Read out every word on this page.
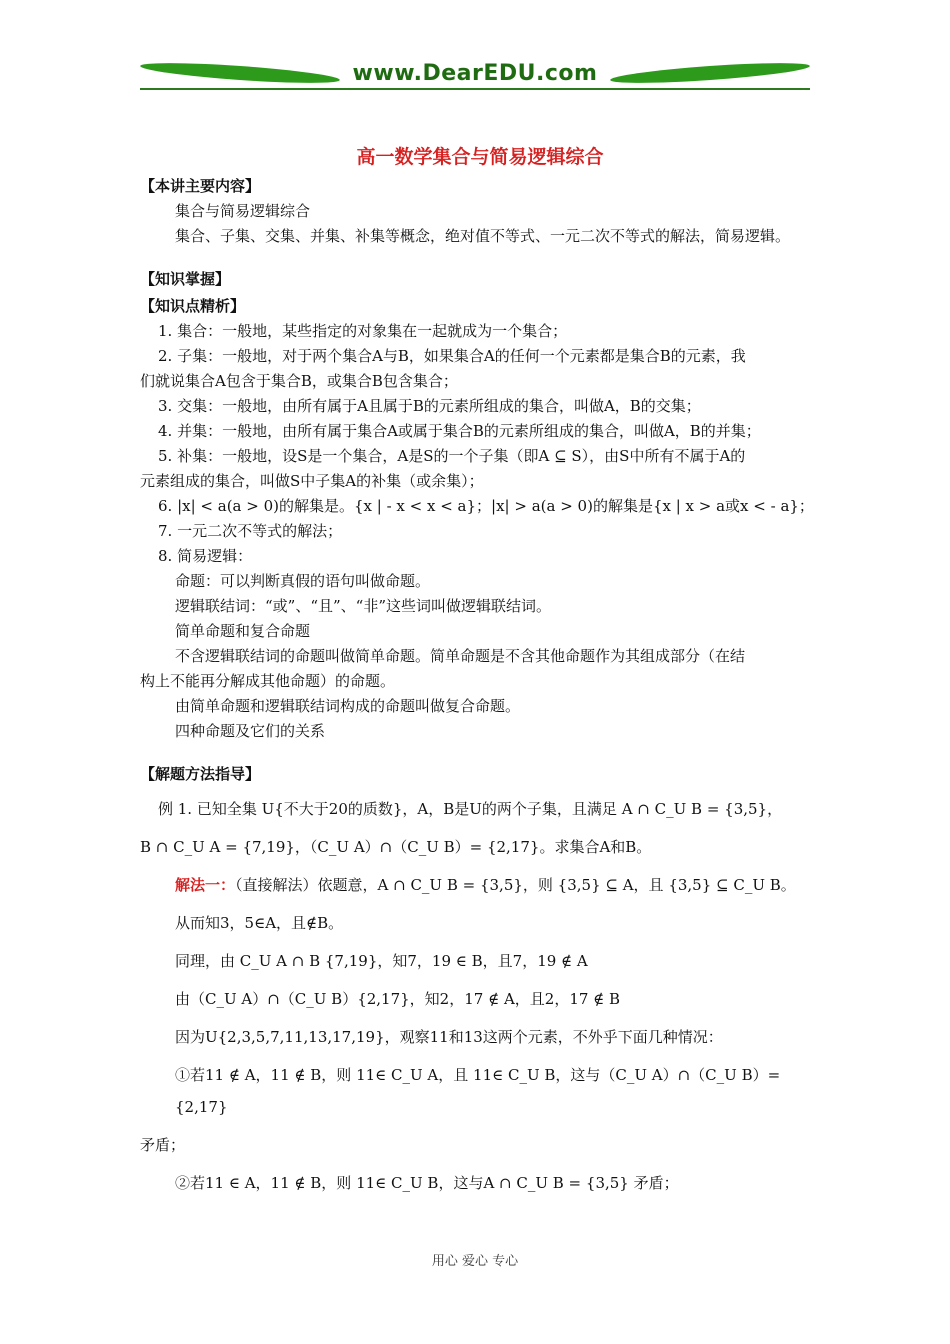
www.DearEDU.com
高一数学集合与简易逻辑综合
【本讲主要内容】

集合与简易逻辑综合

集合、子集、交集、并集、补集等概念，绝对值不等式、一元二次不等式的解法，简易逻辑。

【知识掌握】
【知识点精析】

1. 集合：一般地，某些指定的对象集在一起就成为一个集合；

2. 子集：一般地，对于两个集合A与B，如果集合A的任何一个元素都是集合B的元素，我

们就说集合A包含于集合B，或集合B包含集合；

3. 交集：一般地，由所有属于A且属于B的元素所组成的集合，叫做A，B的交集；

4. 并集：一般地，由所有属于集合A或属于集合B的元素所组成的集合，叫做A，B的并集；

5. 补集：一般地，设S是一个集合，A是S的一个子集（即A ⊆ S），由S中所有不属于A的

元素组成的集合，叫做S中子集A的补集（或余集）；

6. |x| < a(a > 0)的解集是。{x | - x < x < a}；|x| > a(a > 0)的解集是{x | x > a或x < - a}；

7. 一元二次不等式的解法；

8. 简易逻辑：

命题：可以判断真假的语句叫做命题。

逻辑联结词：“或”、“且”、“非”这些词叫做逻辑联结词。

简单命题和复合命题

不含逻辑联结词的命题叫做简单命题。简单命题是不含其他命题作为其组成部分（在结

构上不能再分解成其他命题）的命题。

由简单命题和逻辑联结词构成的命题叫做复合命题。

四种命题及它们的关系

【解题方法指导】

例 1. 已知全集 U{不大于20的质数}，A，B是U的两个子集，且满足 A ∩ C_U B = {3,5}，

B ∩ C_U A = {7,19}，（C_U A）∩（C_U B）= {2,17}。求集合A和B。

解法一：（直接解法）依题意，A ∩ C_U B = {3,5}，则 {3,5} ⊆ A，且 {3,5} ⊆ C_U B。

从而知3，5∈A，且∉B。

同理，由 C_U A ∩ B {7,19}，知7，19 ∈ B，且7，19 ∉ A

由（C_U A）∩（C_U B）{2,17}，知2，17 ∉ A，且2，17 ∉ B

因为U{2,3,5,7,11,13,17,19}，观察11和13这两个元素，不外乎下面几种情况：

①若11 ∉ A，11 ∉ B，则 11∈ C_U A，且 11∈ C_U B，这与（C_U A）∩（C_U B）= {2,17}

矛盾；

②若11 ∈ A，11 ∉ B，则 11∈ C_U B，这与A ∩ C_U B = {3,5} 矛盾；

用心 爱心 专心
